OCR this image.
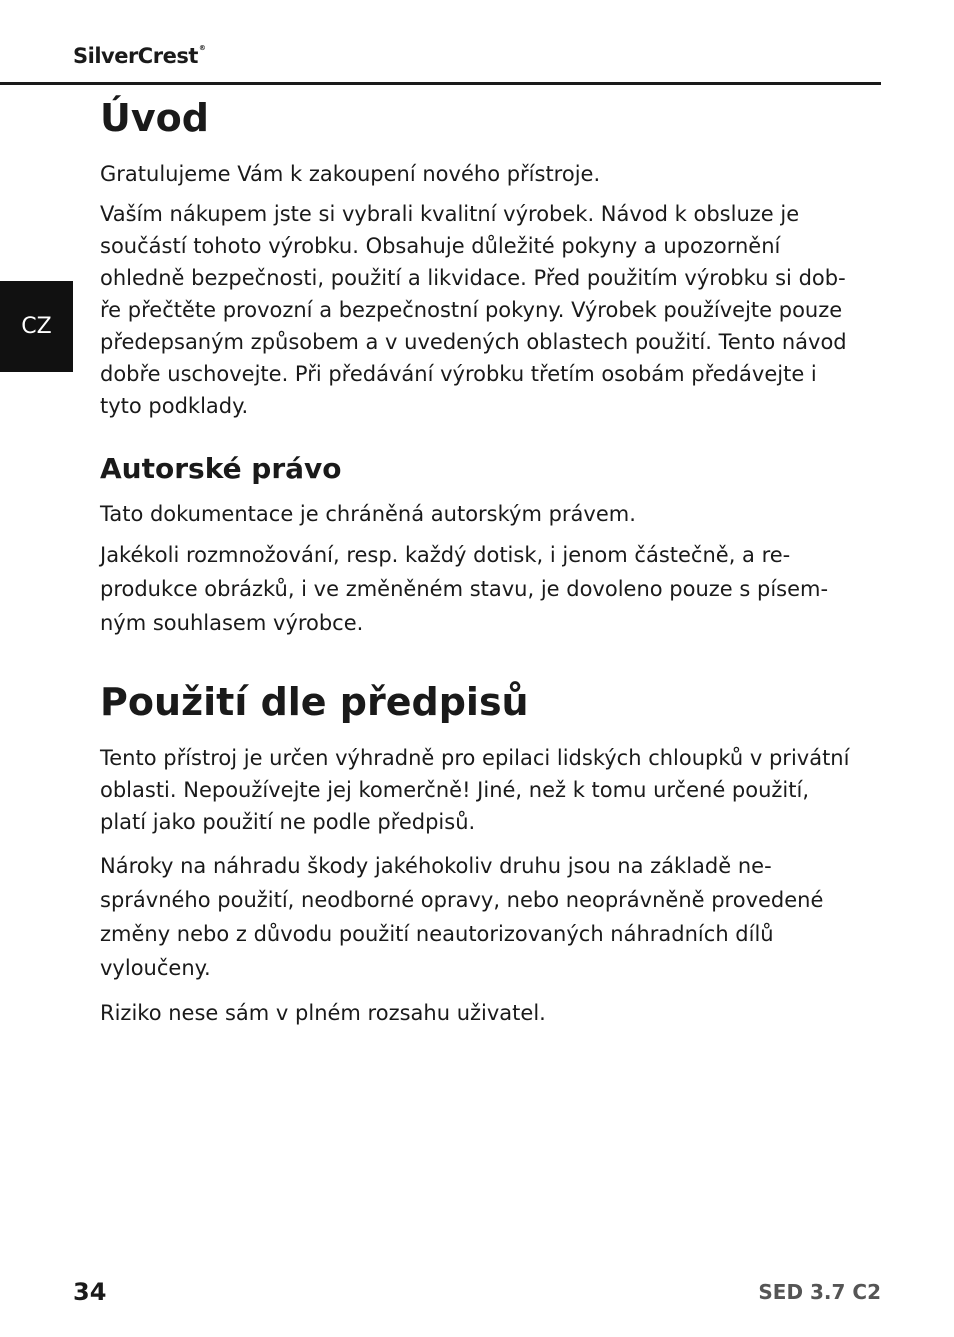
SilverCrest®
CZ
Úvod
Gratulujeme Vám k zakoupení nového přístroje.
Vaším nákupem jste si vybrali kvalitní výrobek. Návod k obsluze je
součástí tohoto výrobku. Obsahuje důležité pokyny a upozornění
ohledně bezpečnosti, použití a likvidace. Před použitím výrobku si dob-
ře přečtěte provozní a bezpečnostní pokyny. Výrobek používejte pouze
předepsaným způsobem a v uvedených oblastech použití. Tento návod
dobře uschovejte. Při předávání výrobku třetím osobám předávejte i
tyto podklady.
Autorské právo
Tato dokumentace je chráněná autorským právem.
Jakékoli rozmnožování, resp. každý dotisk, i jenom částečně, a re-
produkce obrázků, i ve změněném stavu, je dovoleno pouze s písem-
ným souhlasem výrobce.
Použití dle předpisů
Tento přístroj je určen výhradně pro epilaci lidských chloupků v privátní
oblasti. Nepoužívejte jej komerčně! Jiné, než k tomu určené použití,
platí jako použití ne podle předpisů.
Nároky na náhradu škody jakéhokoliv druhu jsou na základě ne-
správného použití, neodborné opravy, nebo neoprávněně provedené
změny nebo z důvodu použití neautorizovaných náhradních dílů
vyloučeny.
Riziko nese sám v plném rozsahu uživatel.
34	SED 3.7 C2
